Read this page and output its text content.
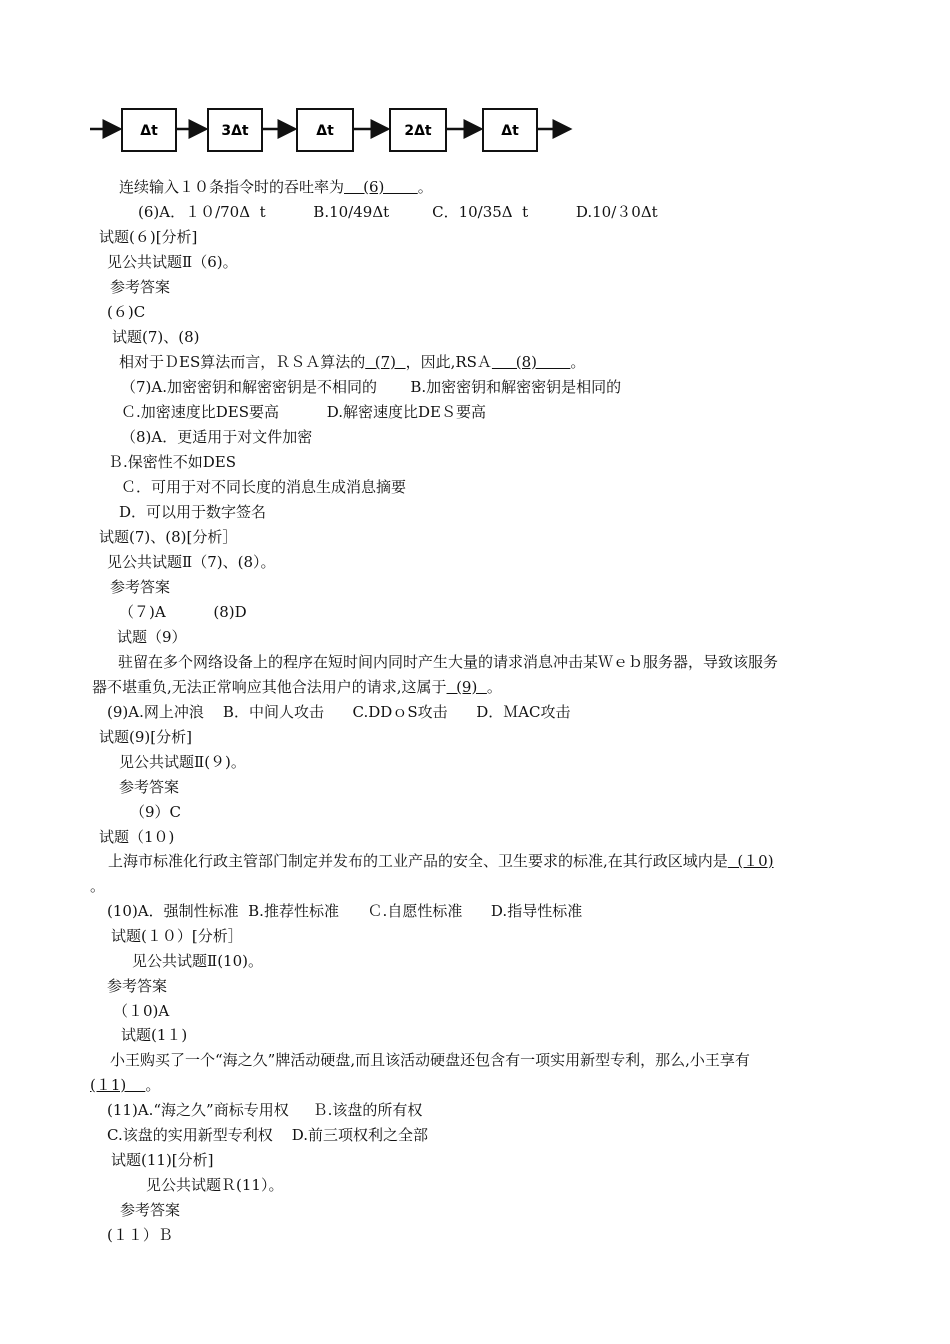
Δt	3Δt	Δt	2Δt	Δt
连续输入１０条指令时的吞吐率为    (6)       。
(6)A．１０/70Δ  t          B.10/49Δt         C．10/35Δ  t          D.10/３0Δt
试题(６)[分析]
见公共试题Ⅱ（6)。
参考答案
(６)C
试题(7)、(8)
相对于ＤES算法而言，ＲＳＡ算法的  (7)  ，因此,RSＡ     (8)       。
（7)A.加密密钥和解密密钥是不相同的       B.加密密钥和解密密钥是相同的
Ｃ.加密速度比DES要高          D.解密速度比DEＳ要高
（8)A．更适用于对文件加密
Ｂ.保密性不如DES
Ｃ．可用于对不同长度的消息生成消息摘要
D．可以用于数字签名
试题(7)、(8)[分析］
见公共试题Ⅱ（7)、(8）。
参考答案
（７)A          (8)D
试题（9）
驻留在多个网络设备上的程序在短时间内同时产生大量的请求消息冲击某Ｗｅｂ服务器，导致该服务
器不堪重负,无法正常响应其他合法用户的请求,这属于  (9)  。
(9)A.网上冲浪    B．中间人攻击      C.DDｏS攻击      D．ＭAC攻击
试题(9)[分析]
见公共试题Ⅱ(９)。
参考答案
（9）C
试题（1０)
上海市标准化行政主管部门制定并发布的工业产品的安全、卫生要求的标准,在其行政区域内是  (１0)
。
(10)A．强制性标准  B.推荐性标准      Ｃ.自愿性标准      D.指导性标准
试题(１０）[分析］
见公共试题Ⅱ(10)。
参考答案
（１0)A
试题(1１)
小王购买了一个“海之久”牌活动硬盘,而且该活动硬盘还包含有一项实用新型专利，那么,小王享有
(１1)    。
(11)A.“海之久”商标专用权     Ｂ.该盘的所有权
C.该盘的实用新型专利权    D.前三项权利之全部
试题(11)[分析]
见公共试题Ｒ(11）。
参考答案
(１１）Ｂ
